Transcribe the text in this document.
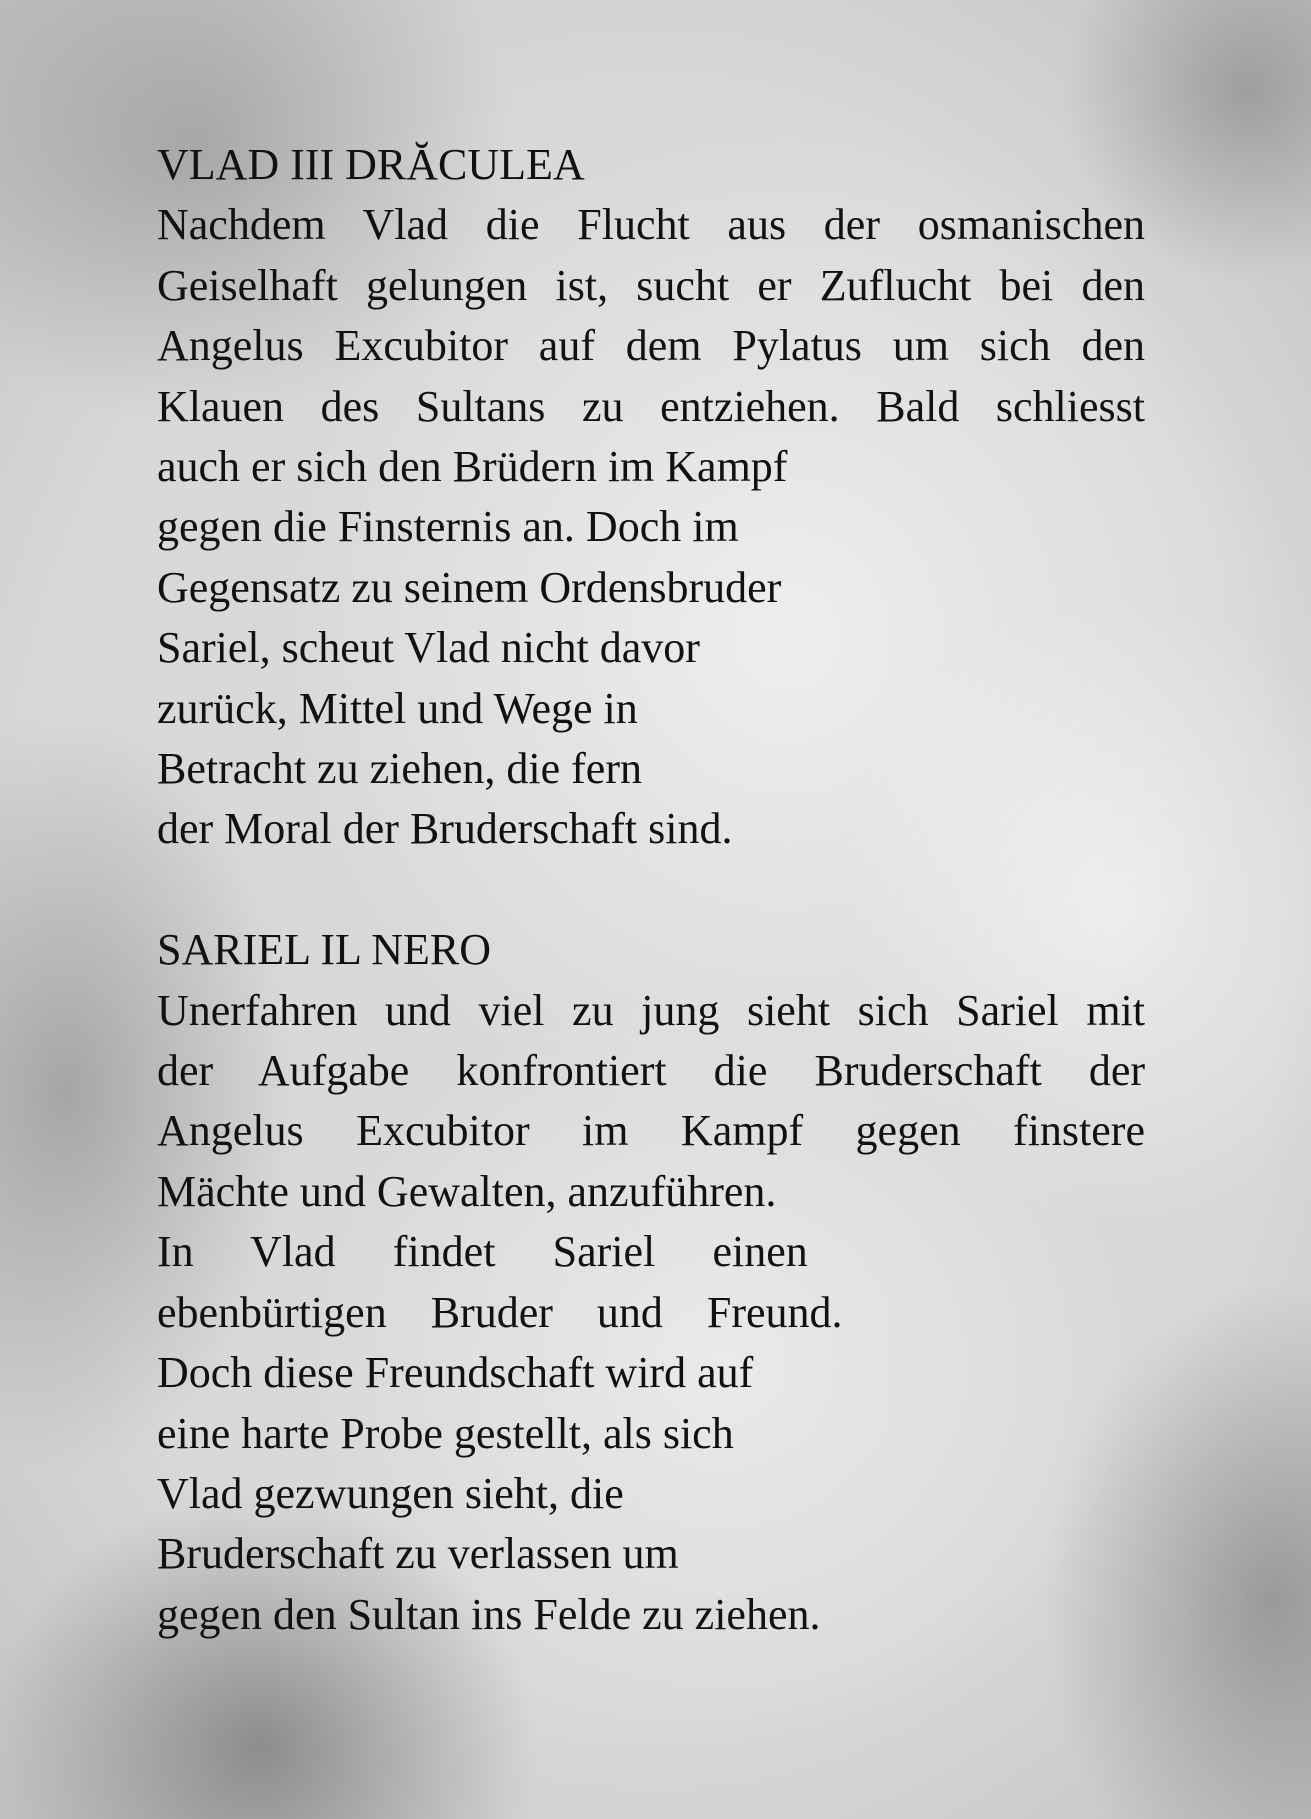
VLAD III DRĂCULEA
Nachdem Vlad die Flucht aus der osmanischen
Geiselhaft gelungen ist, sucht er Zuflucht bei den
Angelus Excubitor auf dem Pylatus um sich den
Klauen des Sultans zu entziehen. Bald schliesst
auch er sich den Brüdern im Kampf
gegen die Finsternis an. Doch im
Gegensatz zu seinem Ordensbruder
Sariel, scheut Vlad nicht davor
zurück, Mittel und Wege in
Betracht zu ziehen, die fern
der Moral der Bruderschaft sind.
SARIEL IL NERO
Unerfahren und viel zu jung sieht sich Sariel mit
der Aufgabe konfrontiert die Bruderschaft der
Angelus Excubitor im Kampf gegen finstere
Mächte und Gewalten, anzuführen.
In Vlad findet Sariel einen
ebenbürtigen Bruder und Freund.
Doch diese Freundschaft wird auf
eine harte Probe gestellt, als sich
Vlad gezwungen sieht, die
Bruderschaft zu verlassen um
gegen den Sultan ins Felde zu ziehen.
